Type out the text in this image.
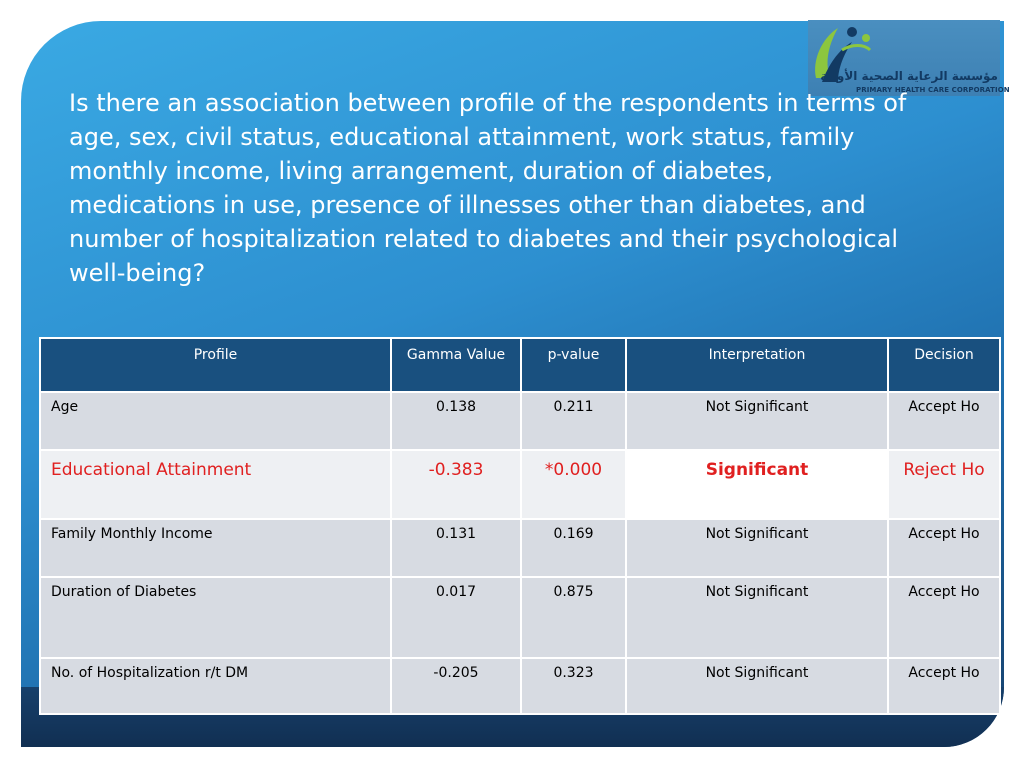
مؤسسة الرعاية الصحية الأولية
PRIMARY HEALTH CARE CORPORATION
Is there an association between profile of the respondents in terms of age, sex, civil status, educational attainment, work status, family monthly income, living arrangement, duration of diabetes, medications in use, presence of illnesses other than diabetes, and number of hospitalization related to diabetes and their psychological well-being?
Profile	Gamma Value	p-value	Interpretation	Decision
Age	0.138	0.211	Not Significant	Accept Ho
Educational Attainment	-0.383	*0.000	Significant	Reject Ho
Family Monthly Income	0.131	0.169	Not Significant	Accept Ho
Duration of Diabetes	0.017	0.875	Not Significant	Accept Ho
No. of Hospitalization r/t DM	-0.205	0.323	Not Significant	Accept Ho
